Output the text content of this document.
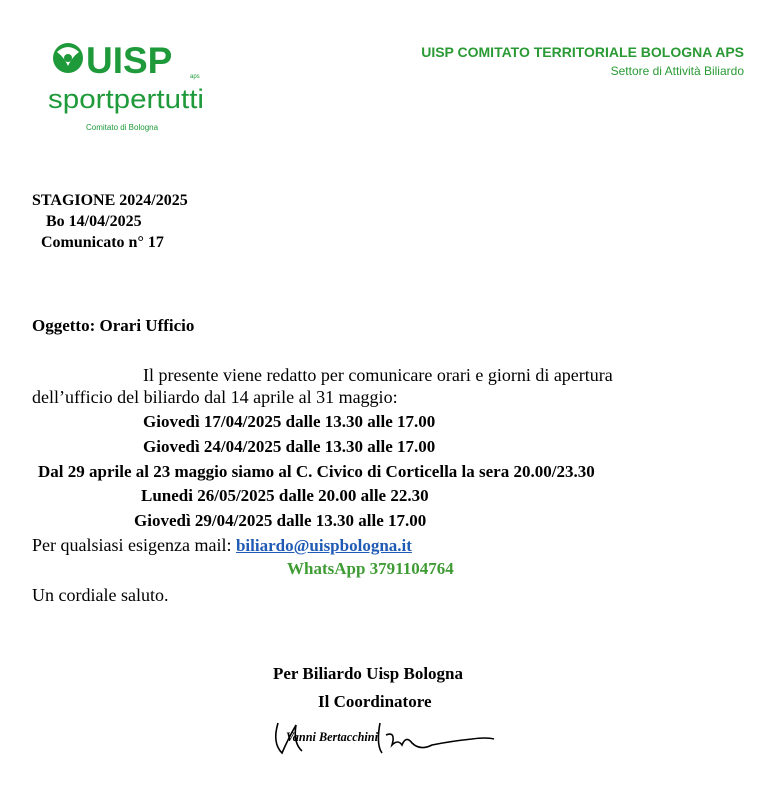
UISP	aps
sportpertutti
Comitato di Bologna
UISP COMITATO TERRITORIALE BOLOGNA APS
Settore di Attività Biliardo
STAGIONE 2024/2025
Bo 14/04/2025
Comunicato n° 17
Oggetto: Orari Ufficio
Il presente viene redatto per comunicare orari e giorni di apertura
dell’ufficio del biliardo dal 14 aprile al 31 maggio:
Giovedì 17/04/2025 dalle 13.30 alle 17.00
Giovedì 24/04/2025 dalle 13.30 alle 17.00
Dal 29 aprile al 23 maggio siamo al C. Civico di Corticella la sera 20.00/23.30
Lunedi 26/05/2025 dalle 20.00 alle 22.30
Giovedì 29/04/2025 dalle 13.30 alle 17.00
Per qualsiasi esigenza mail: biliardo@uispbologna.it
WhatsApp 3791104764
Un cordiale saluto.
Per Biliardo Uisp Bologna
Il Coordinatore
Vanni Bertacchini
